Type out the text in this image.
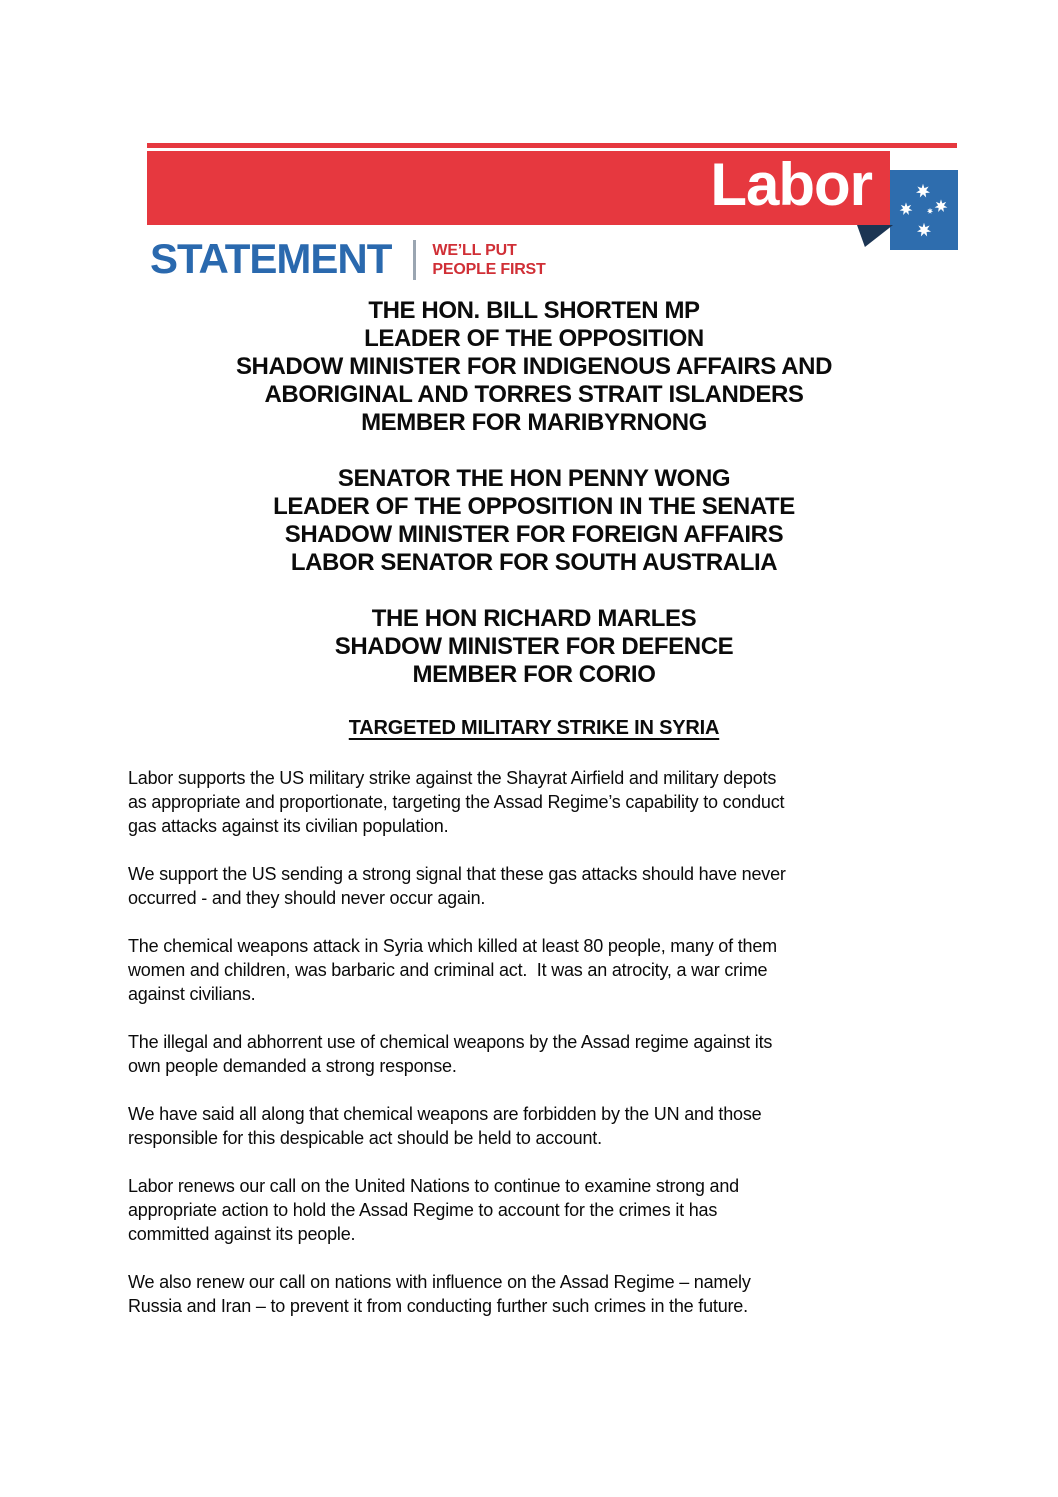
Labor
STATEMENT	WE’LL PUT
PEOPLE FIRST
THE HON. BILL SHORTEN MP
LEADER OF THE OPPOSITION
SHADOW MINISTER FOR INDIGENOUS AFFAIRS AND
ABORIGINAL AND TORRES STRAIT ISLANDERS
MEMBER FOR MARIBYRNONG
SENATOR THE HON PENNY WONG
LEADER OF THE OPPOSITION IN THE SENATE
SHADOW MINISTER FOR FOREIGN AFFAIRS
LABOR SENATOR FOR SOUTH AUSTRALIA
THE HON RICHARD MARLES
SHADOW MINISTER FOR DEFENCE
MEMBER FOR CORIO
TARGETED MILITARY STRIKE IN SYRIA
Labor supports the US military strike against the Shayrat Airfield and military depots
as appropriate and proportionate, targeting the Assad Regime’s capability to conduct
gas attacks against its civilian population.
We support the US sending a strong signal that these gas attacks should have never
occurred - and they should never occur again.
The chemical weapons attack in Syria which killed at least 80 people, many of them
women and children, was barbaric and criminal act.  It was an atrocity, a war crime
against civilians.
The illegal and abhorrent use of chemical weapons by the Assad regime against its
own people demanded a strong response.
We have said all along that chemical weapons are forbidden by the UN and those
responsible for this despicable act should be held to account.
Labor renews our call on the United Nations to continue to examine strong and
appropriate action to hold the Assad Regime to account for the crimes it has
committed against its people.
We also renew our call on nations with influence on the Assad Regime – namely
Russia and Iran – to prevent it from conducting further such crimes in the future.
